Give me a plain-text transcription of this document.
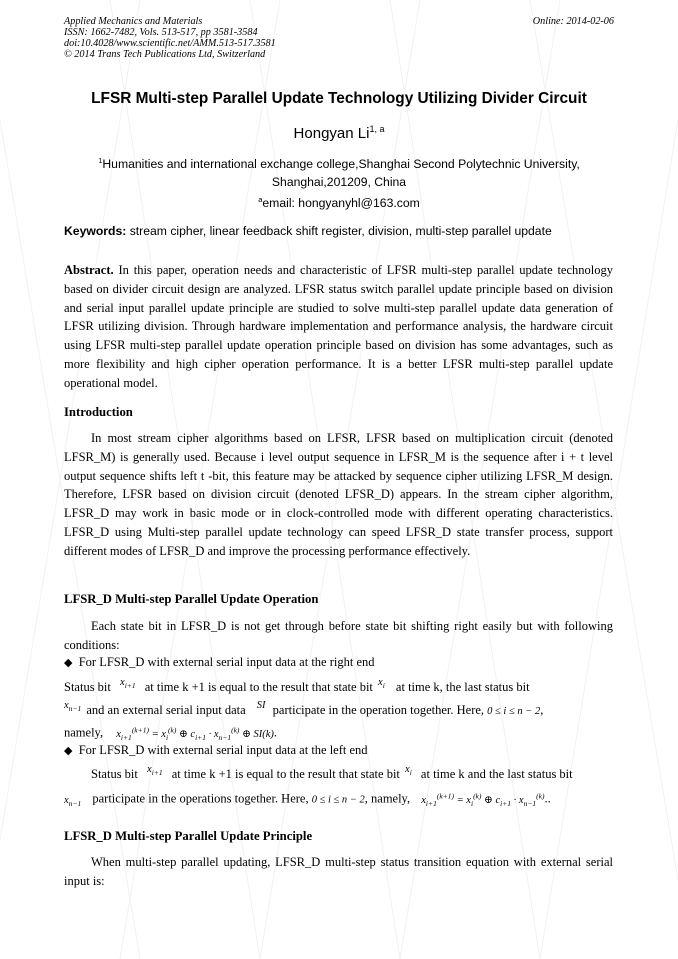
Applied Mechanics and Materials
ISSN: 1662-7482, Vols. 513-517, pp 3581-3584
doi:10.4028/www.scientific.net/AMM.513-517.3581
© 2014 Trans Tech Publications Ltd, Switzerland
Online: 2014-02-06
LFSR Multi-step Parallel Update Technology Utilizing Divider Circuit
Hongyan Li$^{1, a}$
$^1$Humanities and international exchange college,Shanghai Second Polytechnic University,
Shanghai,201209, China
$^a$email: hongyanyhl@163.com
Keywords: stream cipher, linear feedback shift register, division, multi-step parallel update

Abstract. In this paper, operation needs and characteristic of LFSR multi-step parallel update technology based on divider circuit design are analyzed. LFSR status switch parallel update principle based on division and serial input parallel update principle are studied to solve multi-step parallel update data generation of LFSR utilizing division. Through hardware implementation and performance analysis, the hardware circuit using LFSR multi-step parallel update operation principle based on division has some advantages, such as more flexibility and high cipher operation performance. It is a better LFSR multi-step parallel update operational model.

Introduction

In most stream cipher algorithms based on LFSR, LFSR based on multiplication circuit (denoted LFSR_M) is generally used. Because i level output sequence in LFSR_M is the sequence after i + t level output sequence shifts left t -bit, this feature may be attacked by sequence cipher utilizing LFSR_M design. Therefore, LFSR based on division circuit (denoted LFSR_D) appears. In the stream cipher algorithm, LFSR_D may work in basic mode or in clock-controlled mode with different operating characteristics. LFSR_D using Multi-step parallel update technology can speed LFSR_D state transfer process, support different modes of LFSR_D and improve the processing performance effectively.

LFSR_D Multi-step Parallel Update Operation

Each state bit in LFSR_D is not get through before state bit shifting right easily but with following conditions:

◆ For LFSR_D with external serial input data at the right end
Status bit $^{x_{i+1}}$ at time k +1 is equal to the result that state bit $^{x_i}$ at time k, the last status bit
$^{x_{n-1}}$ and an external serial input data $^{SI}$ participate in the operation together. Here, 0 ≤ i ≤ n − 2,
namely, $x_{i+1}^{(k+1)} = x_i^{(k)}$ ⊕ $c_{i+1} \cdot x_{n-1}^{(k)}$ ⊕ SI(k).
◆ For LFSR_D with external serial input data at the left end
Status bit $^{x_{i+1}}$ at time k +1 is equal to the result that state bit $^{x_i}$ at time k and the last status bit
$x_{n-1}$ participate in the operations together. Here, 0 ≤ i ≤ n − 2, namely, $x_{i+1}^{(k+1)} = x_i^{(k)}$ ⊕ $c_{i+1} \cdot x_{n-1}^{(k)}$..
LFSR_D Multi-step Parallel Update Principle

When multi-step parallel updating, LFSR_D multi-step status transition equation with external serial input is:
